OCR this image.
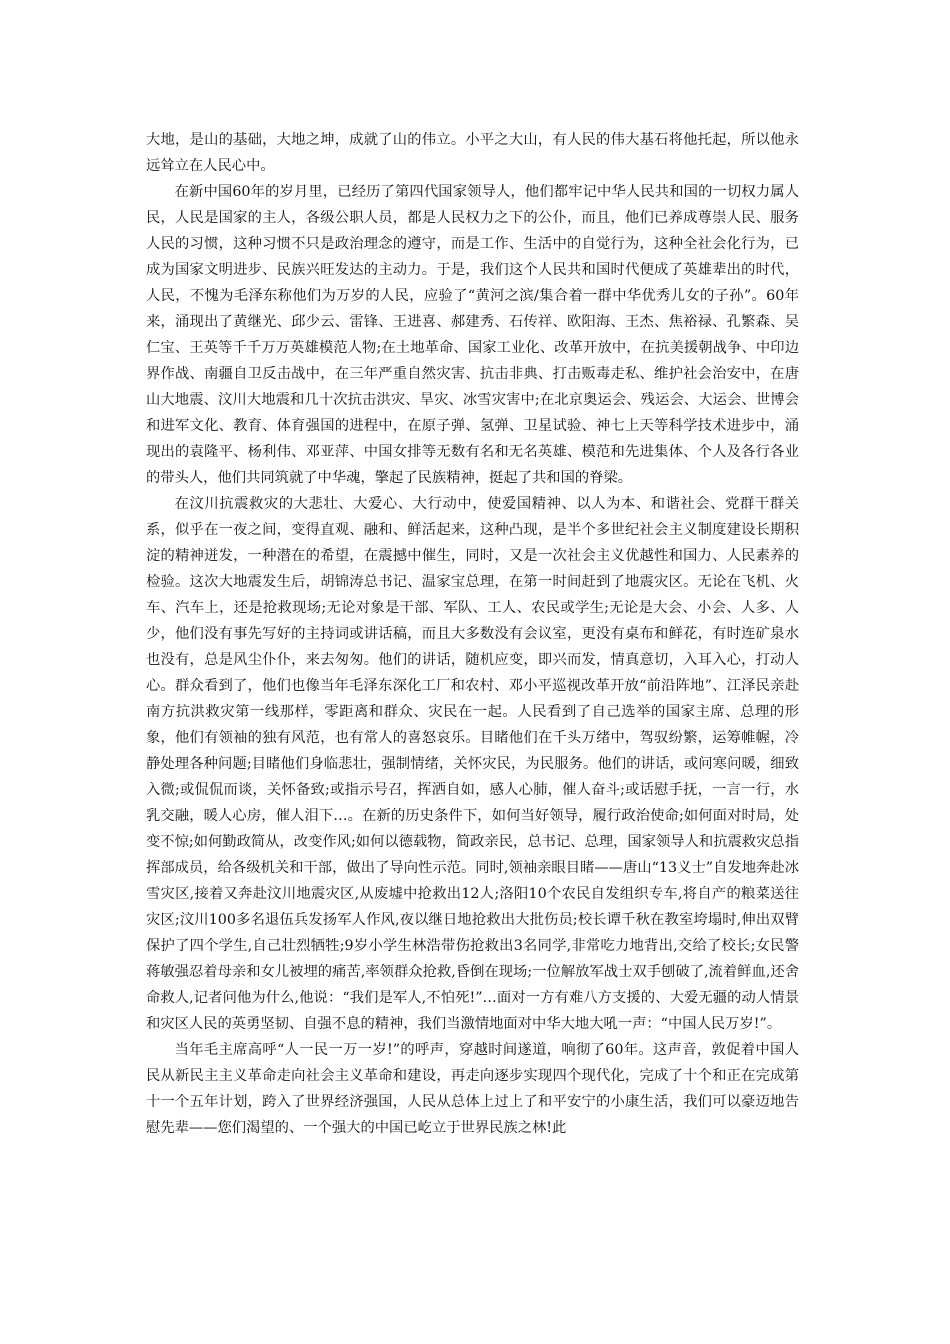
大地，是山的基础，大地之坤，成就了山的伟立。小平之大山，有人民的伟大基石将他托起，所以他永远耸立在人民心中。

在新中国60年的岁月里，已经历了第四代国家领导人，他们都牢记中华人民共和国的一切权力属人民，人民是国家的主人，各级公职人员，都是人民权力之下的公仆，而且，他们已养成尊崇人民、服务人民的习惯，这种习惯不只是政治理念的遵守，而是工作、生活中的自觉行为，这种全社会化行为，已成为国家文明进步、民族兴旺发达的主动力。于是，我们这个人民共和国时代便成了英雄辈出的时代，人民，不愧为毛泽东称他们为万岁的人民，应验了“黄河之滨/集合着一群中华优秀儿女的子孙”。60年来，涌现出了黄继光、邱少云、雷锋、王进喜、郝建秀、石传祥、欧阳海、王杰、焦裕禄、孔繁森、吴仁宝、王英等千千万万英雄模范人物;在土地革命、国家工业化、改革开放中，在抗美援朝战争、中印边界作战、南疆自卫反击战中，在三年严重自然灾害、抗击非典、打击贩毒走私、维护社会治安中，在唐山大地震、汶川大地震和几十次抗击洪灾、旱灾、冰雪灾害中;在北京奥运会、残运会、大运会、世博会和进军文化、教育、体育强国的进程中，在原子弹、氢弹、卫星试验、神七上天等科学技术进步中，涌现出的袁隆平、杨利伟、邓亚萍、中国女排等无数有名和无名英雄、模范和先进集体、个人及各行各业的带头人，他们共同筑就了中华魂，擎起了民族精神，挺起了共和国的脊梁。

在汶川抗震救灾的大悲壮、大爱心、大行动中，使爱国精神、以人为本、和谐社会、党群干群关系，似乎在一夜之间，变得直观、融和、鲜活起来，这种凸现，是半个多世纪社会主义制度建设长期积淀的精神迸发，一种潜在的希望，在震撼中催生，同时，又是一次社会主义优越性和国力、人民素养的检验。这次大地震发生后，胡锦涛总书记、温家宝总理，在第一时间赶到了地震灾区。无论在飞机、火车、汽车上，还是抢救现场;无论对象是干部、军队、工人、农民或学生;无论是大会、小会、人多、人少，他们没有事先写好的主持词或讲话稿，而且大多数没有会议室，更没有桌布和鲜花，有时连矿泉水也没有，总是风尘仆仆，来去匆匆。他们的讲话，随机应变，即兴而发，情真意切，入耳入心，打动人心。群众看到了，他们也像当年毛泽东深化工厂和农村、邓小平巡视改革开放“前沿阵地”、江泽民亲赴南方抗洪救灾第一线那样，零距离和群众、灾民在一起。人民看到了自己选举的国家主席、总理的形象，他们有领袖的独有风范，也有常人的喜怒哀乐。目睹他们在千头万绪中，驾驭纷繁，运筹帷幄，冷静处理各种问题;目睹他们身临悲壮，强制情绪，关怀灾民，为民服务。他们的讲话，或问寒问暖，细致入微;或侃侃而谈，关怀备致;或指示号召，挥洒自如，感人心肺，催人奋斗;或话慰手抚，一言一行，水乳交融，暖人心房，催人泪下…。在新的历史条件下，如何当好领导，履行政治使命;如何面对时局，处变不惊;如何勤政简从，改变作风;如何以德载物，简政亲民，总书记、总理，国家领导人和抗震救灾总指挥部成员，给各级机关和干部，做出了导向性示范。同时,领袖亲眼目睹——唐山“13义士”自发地奔赴冰雪灾区,接着又奔赴汶川地震灾区,从废墟中抢救出12人;洛阳10个农民自发组织专车,将自产的粮菜送往灾区;汶川100多名退伍兵发扬军人作风,夜以继日地抢救出大批伤员;校长谭千秋在教室垮塌时,伸出双臂保护了四个学生,自己壮烈牺牲;9岁小学生林浩带伤抢救出3名同学,非常吃力地背出,交给了校长;女民警蒋敏强忍着母亲和女儿被埋的痛苦,率领群众抢救,昏倒在现场;一位解放军战士双手刨破了,流着鲜血,还舍命救人,记者问他为什么,他说：“我们是军人,不怕死!”…面对一方有难八方支援的、大爱无疆的动人情景和灾区人民的英勇坚韧、自强不息的精神，我们当激情地面对中华大地大吼一声：“中国人民万岁!”。

当年毛主席高呼“人一民一万一岁!”的呼声，穿越时间遂道，响彻了60年。这声音，敦促着中国人民从新民主主义革命走向社会主义革命和建设，再走向逐步实现四个现代化，完成了十个和正在完成第十一个五年计划，跨入了世界经济强国，人民从总体上过上了和平安宁的小康生活，我们可以豪迈地告慰先辈——您们渴望的、一个强大的中国已屹立于世界民族之林!此
